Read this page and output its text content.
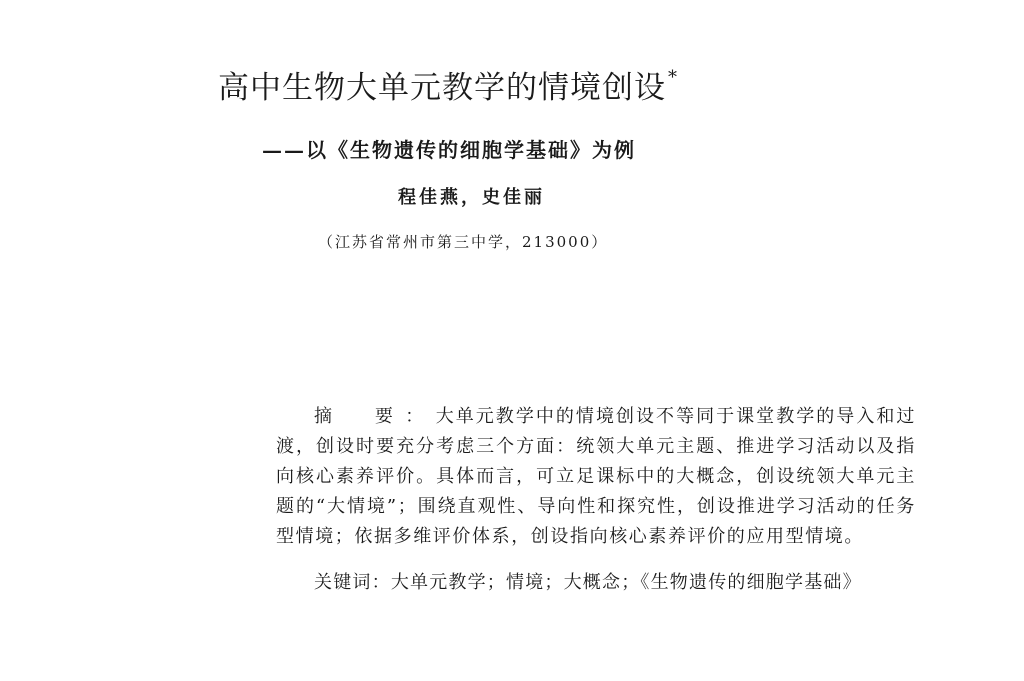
高中生物大单元教学的情境创设 *
——以《生物遗传的细胞学基础》为例
程佳燕，史佳丽
（江苏省常州市第三中学，213000）
摘　要：大单元教学中的情境创设不等同于课堂教学的导入和过渡，创设时要充分考虑三个方面：统领大单元主题、推进学习活动以及指向核心素养评价。具体而言，可立足课标中的大概念，创设统领大单元主题的“大情境”；围绕直观性、导向性和探究性，创设推进学习活动的任务型情境；依据多维评价体系，创设指向核心素养评价的应用型情境。
关键词：大单元教学；情境；大概念；《生物遗传的细胞学基础》
